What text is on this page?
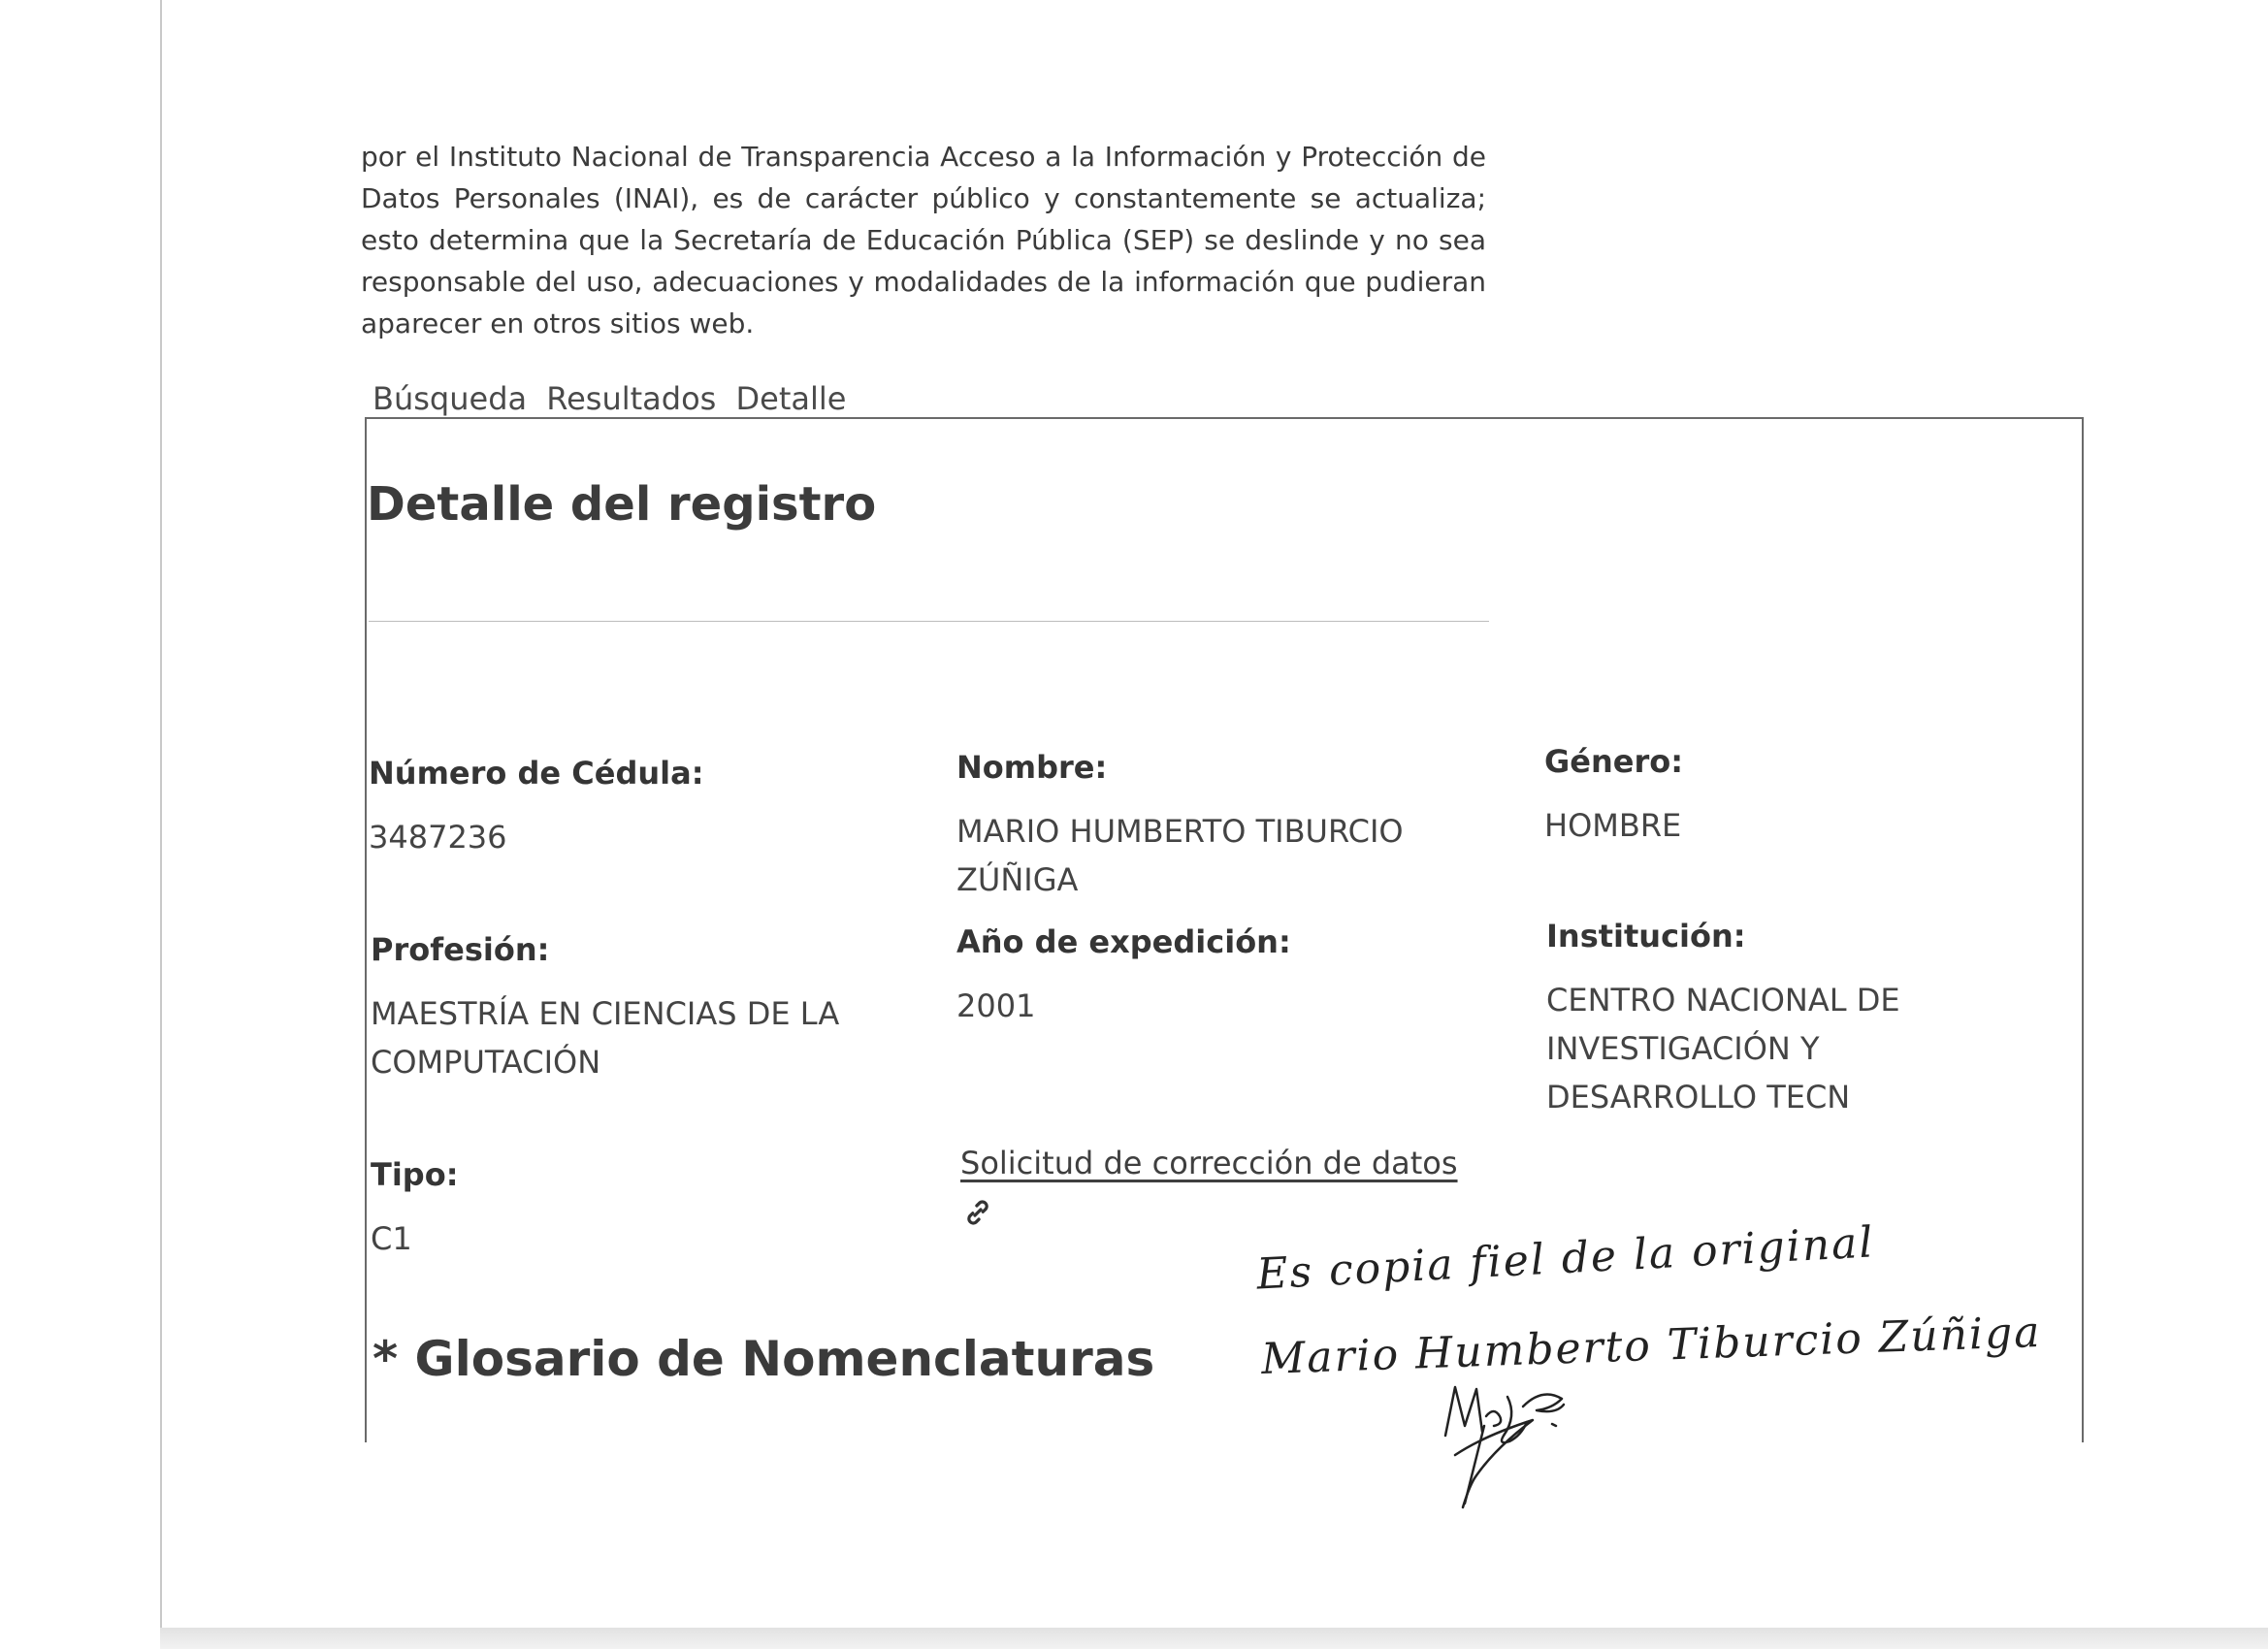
por el Instituto Nacional de Transparencia Acceso a la Información y Protección de Datos Personales (INAI), es de carácter público y constantemente se actualiza; esto determina que la Secretaría de Educación Pública (SEP) se deslinde y no sea responsable del uso, adecuaciones y modalidades de la información que pudieran aparecer en otros sitios web.

Búsqueda Resultados Detalle
Detalle del registro
Número de Cédula:
3487236
Nombre:
MARIO HUMBERTO TIBURCIO ZÚÑIGA
Género:
HOMBRE
Profesión:
MAESTRÍA EN CIENCIAS DE LA COMPUTACIÓN
Año de expedición:
2001
Institución:
CENTRO NACIONAL DE INVESTIGACIÓN Y DESARROLLO TECN
Tipo:
C1
Solicitud de corrección de datos
* Glosario de Nomenclaturas
Es copia fiel de la original
Mario Humberto Tiburcio Zúñiga
